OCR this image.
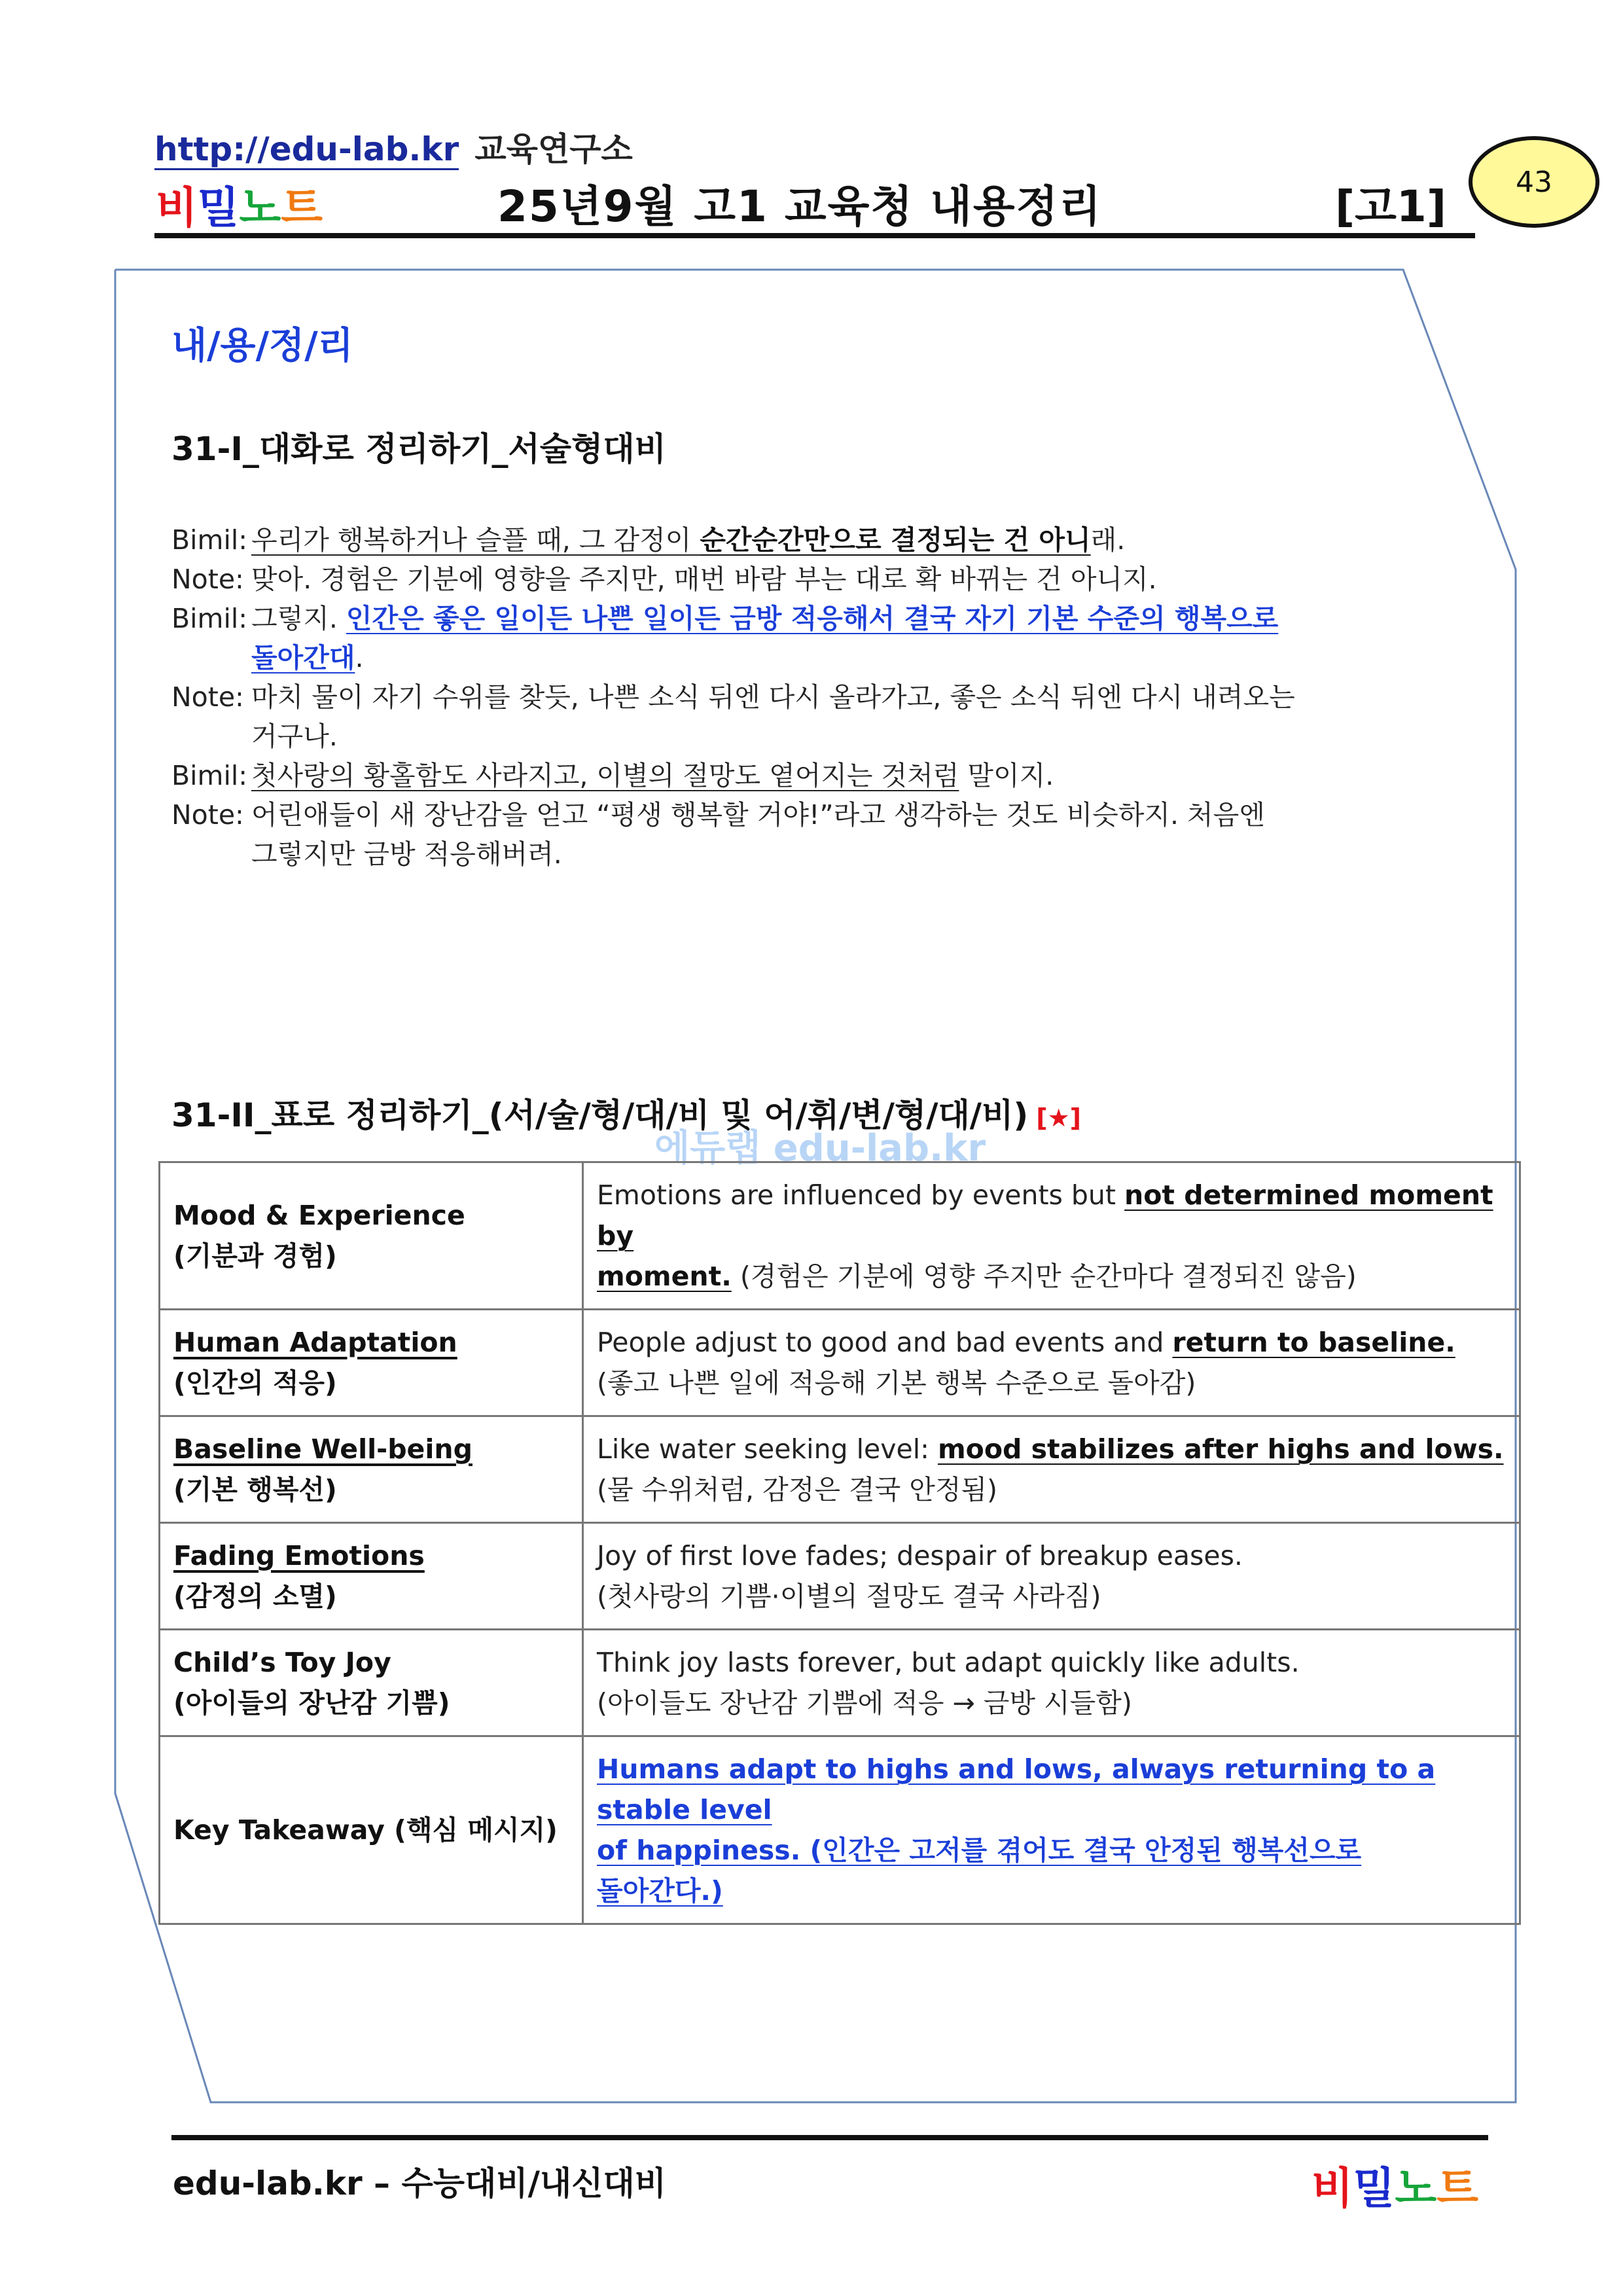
http://edu-lab.kr 교육연구소
비밀노트	25년9월 고1 교육청 내용정리	[고1]	43
내/용/정/리
31-I_대화로 정리하기_서술형대비
Bimil: 우리가 행복하거나 슬플 때, 그 감정이 순간순간만으로 결정되는 건 아니래.
Note: 맞아. 경험은 기분에 영향을 주지만, 매번 바람 부는 대로 확 바뀌는 건 아니지.
Bimil: 그렇지. 인간은 좋은 일이든 나쁜 일이든 금방 적응해서 결국 자기 기본 수준의 행복으로
돌아간대.
Note: 마치 물이 자기 수위를 찾듯, 나쁜 소식 뒤엔 다시 올라가고, 좋은 소식 뒤엔 다시 내려오는
거구나.
Bimil: 첫사랑의 황홀함도 사라지고, 이별의 절망도 옅어지는 것처럼 말이지.
Note: 어린애들이 새 장난감을 얻고 “평생 행복할 거야!”라고 생각하는 것도 비슷하지. 처음엔
그렇지만 금방 적응해버려.
31-II_표로 정리하기_(서/술/형/대/비 및 어/휘/변/형/대/비) [★]
에듀랩 edu-lab.kr
Mood & Experience
(기분과 경험)	Emotions are influenced by events but not determined moment by
moment. (경험은 기분에 영향 주지만 순간마다 결정되진 않음)
Human Adaptation
(인간의 적응)	People adjust to good and bad events and return to baseline.
(좋고 나쁜 일에 적응해 기본 행복 수준으로 돌아감)
Baseline Well-being
(기본 행복선)	Like water seeking level: mood stabilizes after highs and lows.
(물 수위처럼, 감정은 결국 안정됨)
Fading Emotions
(감정의 소멸)	Joy of first love fades; despair of breakup eases.
(첫사랑의 기쁨·이별의 절망도 결국 사라짐)
Child’s Toy Joy
(아이들의 장난감 기쁨)	Think joy lasts forever, but adapt quickly like adults.
(아이들도 장난감 기쁨에 적응 → 금방 시들함)
Key Takeaway (핵심 메시지)	Humans adapt to highs and lows, always returning to a stable level
of happiness. (인간은 고저를 겪어도 결국 안정된 행복선으로
돌아간다.)
edu-lab.kr – 수능대비/내신대비	비밀노트
